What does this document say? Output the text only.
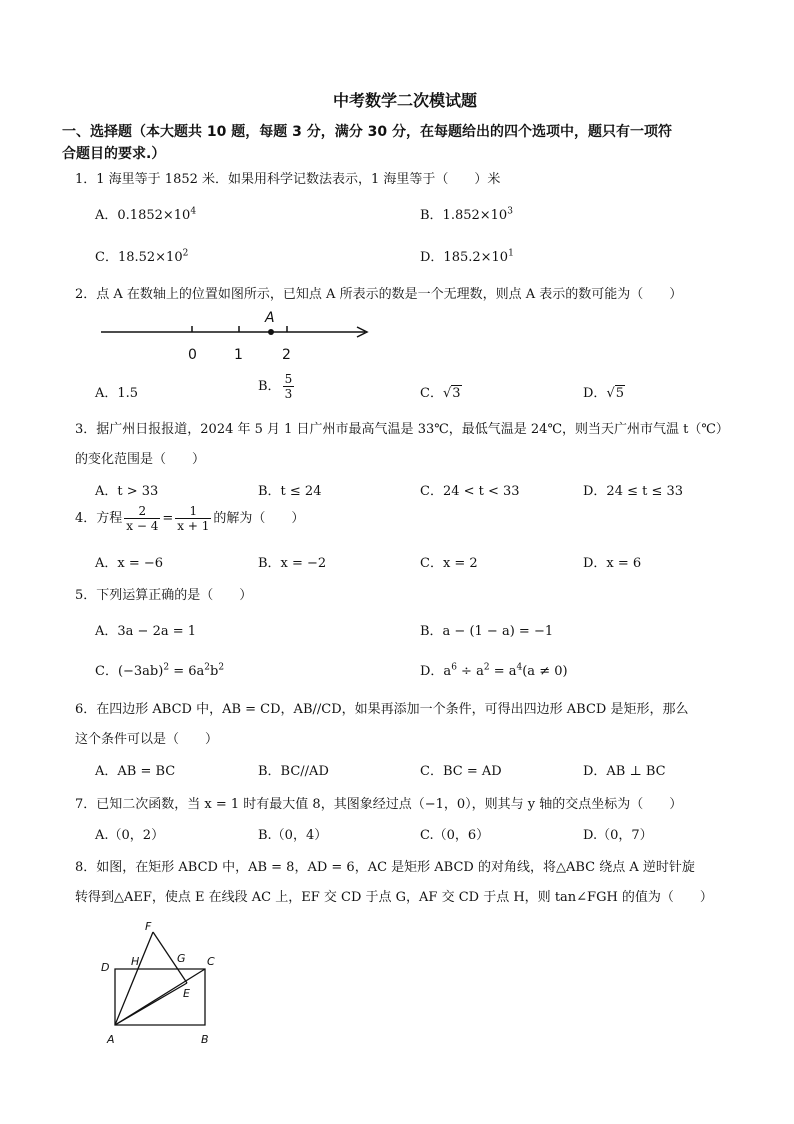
中考数学二次模试题
一、选择题（本大题共 10 题，每题 3 分，满分 30 分，在每题给出的四个选项中，题只有一项符
合题目的要求.）
1．1 海里等于 1852 米．如果用科学记数法表示，1 海里等于（　　）米
A．$0.1852\times 10^4$	B．$1.852\times 10^3$
C．$18.52\times 10^2$	D．$185.2\times 10^1$
2．点 A 在数轴上的位置如图所示，已知点 A 所表示的数是一个无理数，则点 A 表示的数可能为（　　）
A
0	1	2
A．1.5	B． $\frac{5}{3}$	C．√3	D．√5
3．据广州日报报道，2024 年 5 月 1 日广州市最高气温是 33℃，最低气温是 24℃，则当天广州市气温 t（℃）
的变化范围是（　　）
A．t > 33	B．t ≤ 24	C．24 < t < 33	D．24 ≤ t ≤ 33
4．方程 $\frac{2}{x - 4} = \frac{1}{x + 1}$ 的解为（　　）
A．x = −6	B．x = −2	C．x = 2	D．x = 6
5．下列运算正确的是（　　）
A．3a − 2a = 1	B．a − (1 − a) = −1
C．$(-3ab)^2 = 6a^2b^2$	D．$a^6 \div a^2 = a^4(a \ne 0)$
6．在四边形 ABCD 中，AB = CD，AB//CD，如果再添加一个条件，可得出四边形 ABCD 是矩形，那么
这个条件可以是（　　）
A．AB = BC	B．BC//AD	C．BC = AD	D．AB ⊥ BC
7．已知二次函数，当 x = 1 时有最大值 8，其图象经过点（−1，0），则其与 y 轴的交点坐标为（　　）
A.（0，2）	B.（0，4）	C.（0，6）	D.（0，7）
8．如图，在矩形 ABCD 中，AB = 8，AD = 6，AC 是矩形 ABCD 的对角线，将△ABC 绕点 A 逆时针旋
转得到△AEF，使点 E 在线段 AC 上，EF 交 CD 于点 G，AF 交 CD 于点 H，则 tan∠FGH 的值为（　　）
A	B
C
D
E
F
G
H
